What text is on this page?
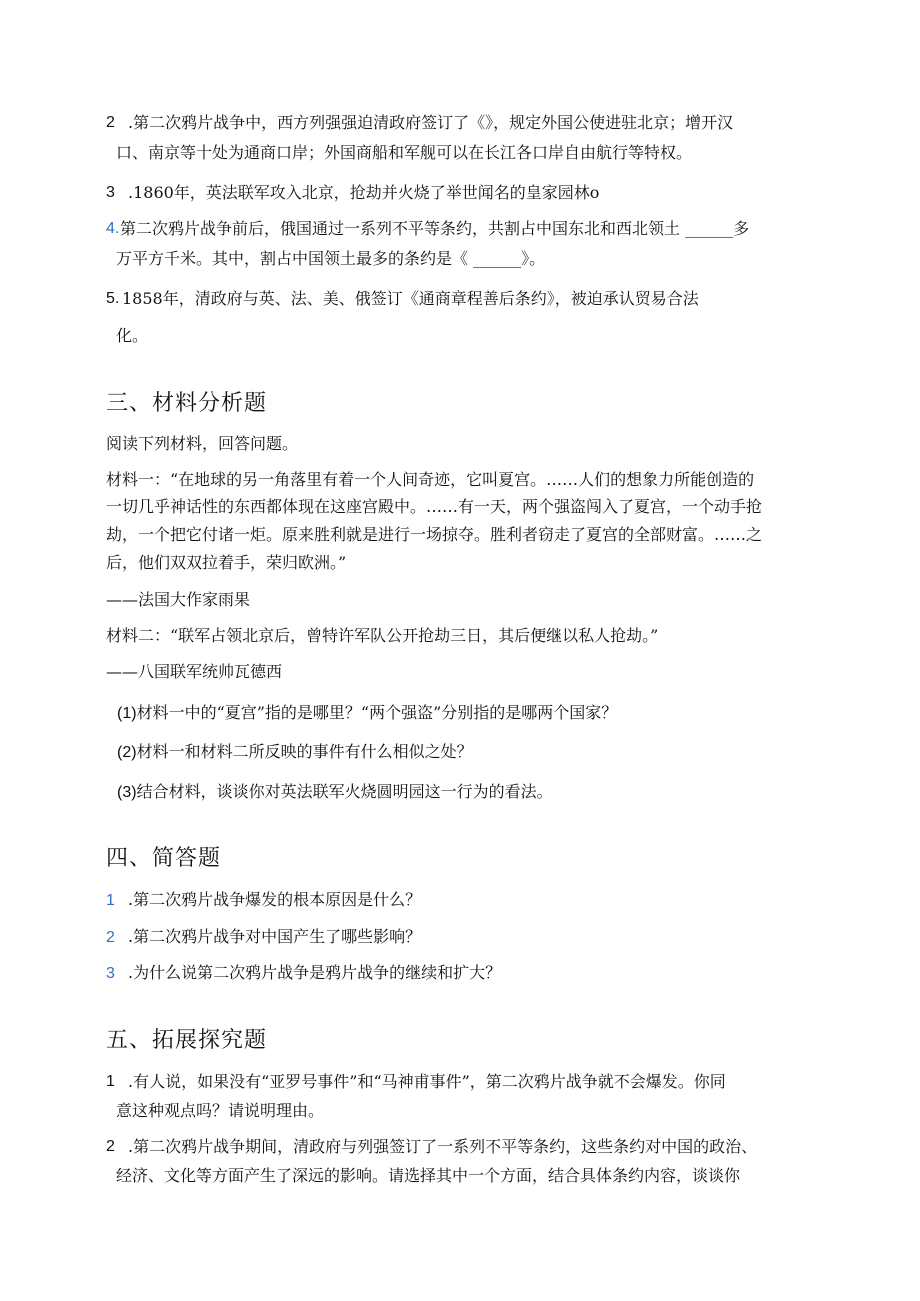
2 .第二次鸦片战争中，西方列强强迫清政府签订了《》，规定外国公使进驻北京；增开汉
口、南京等十处为通商口岸；外国商船和军舰可以在长江各口岸自由航行等特权。
3 .1860年，英法联军攻入北京，抢劫并火烧了举世闻名的皇家园林o
4. 第二次鸦片战争前后，俄国通过一系列不平等条约，共割占中国东北和西北领土 ______多
万平方千米。其中，割占中国领土最多的条约是《 ______》。
5. 1858年，清政府与英、法、美、俄签订《通商章程善后条约》，被迫承认贸易合法
化。
三、材料分析题
阅读下列材料，回答问题。
材料一：“在地球的另一角落里有着一个人间奇迹，它叫夏宫。……人们的想象力所能创造的
一切几乎神话性的东西都体现在这座宫殿中。……有一天，两个强盗闯入了夏宫，一个动手抢
劫，一个把它付诸一炬。原来胜利就是进行一场掠夺。胜利者窃走了夏宫的全部财富。……之
后，他们双双拉着手，荣归欧洲。”
——法国大作家雨果
材料二：“联军占领北京后，曾特许军队公开抢劫三日，其后便继以私人抢劫。”
——八国联军统帅瓦德西
(1)材料一中的“夏宫”指的是哪里？“两个强盗”分别指的是哪两个国家？
(2)材料一和材料二所反映的事件有什么相似之处？
(3)结合材料，谈谈你对英法联军火烧圆明园这一行为的看法。
四、简答题
1 .第二次鸦片战争爆发的根本原因是什么？
2 .第二次鸦片战争对中国产生了哪些影响？
3 .为什么说第二次鸦片战争是鸦片战争的继续和扩大？
五、拓展探究题
1 .有人说，如果没有“亚罗号事件”和“马神甫事件”，第二次鸦片战争就不会爆发。你同
意这种观点吗？请说明理由。
2 .第二次鸦片战争期间，清政府与列强签订了一系列不平等条约，这些条约对中国的政治、
经济、文化等方面产生了深远的影响。请选择其中一个方面，结合具体条约内容，谈谈你
